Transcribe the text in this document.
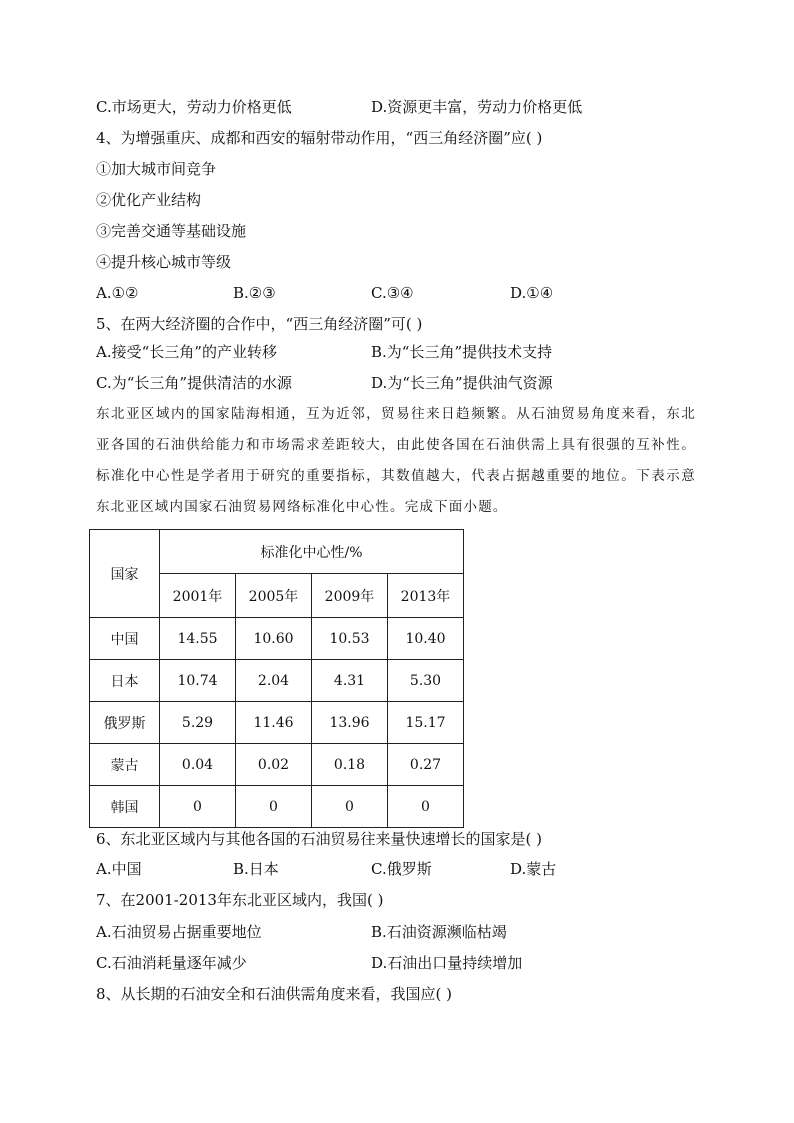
C.市场更大，劳动力价格更低	D.资源更丰富，劳动力价格更低
4、为增强重庆、成都和西安的辐射带动作用，“西三角经济圈”应( )
①加大城市间竞争
②优化产业结构
③完善交通等基础设施
④提升核心城市等级
A.①②	B.②③	C.③④	D.①④
5、在两大经济圈的合作中，“西三角经济圈”可( )
A.接受“长三角”的产业转移	B.为“长三角”提供技术支持
C.为“长三角”提供清洁的水源	D.为“长三角”提供油气资源
东北亚区域内的国家陆海相通，互为近邻，贸易往来日趋频繁。从石油贸易角度来看，东北亚各国的石油供给能力和市场需求差距较大，由此使各国在石油供需上具有很强的互补性。标准化中心性是学者用于研究的重要指标，其数值越大，代表占据越重要的地位。下表示意东北亚区域内国家石油贸易网络标准化中心性。完成下面小题。
国家	标准化中心性/%			
	2001年	2005年	2009年	2013年
中国	14.55	10.60	10.53	10.40
日本	10.74	2.04	4.31	5.30
俄罗斯	5.29	11.46	13.96	15.17
蒙古	0.04	0.02	0.18	0.27
韩国	0	0	0	0
6、东北亚区域内与其他各国的石油贸易往来量快速增长的国家是( )
A.中国	B.日本	C.俄罗斯	D.蒙古
7、在2001-2013年东北亚区域内，我国( )
A.石油贸易占据重要地位	B.石油资源濒临枯竭
C.石油消耗量逐年减少	D.石油出口量持续增加
8、从长期的石油安全和石油供需角度来看，我国应( )
